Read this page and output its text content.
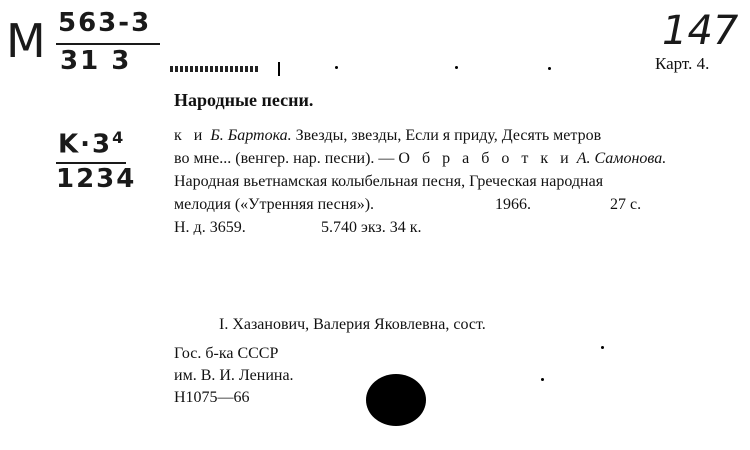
M 563-3
31 3
$K\cdot 3^4$
1234
147
Карт. 4.
Народные песни.
к и Б. Бартока. Звезды, звезды, Если я приду, Десять метров
во мне... (венгер. нар. песни). — О б р а б о т к и А. Самонова.
Народная вьетнамская колыбельная песня, Греческая народная
мелодия («Утренняя песня»).	1966.	27 с.
Н. д. 3659.	5.740 экз. 34 к.
I. Хазанович, Валерия Яковлевна, сост.
Гос. б-ка СССР
им. В. И. Ленина.
Н1075—66
